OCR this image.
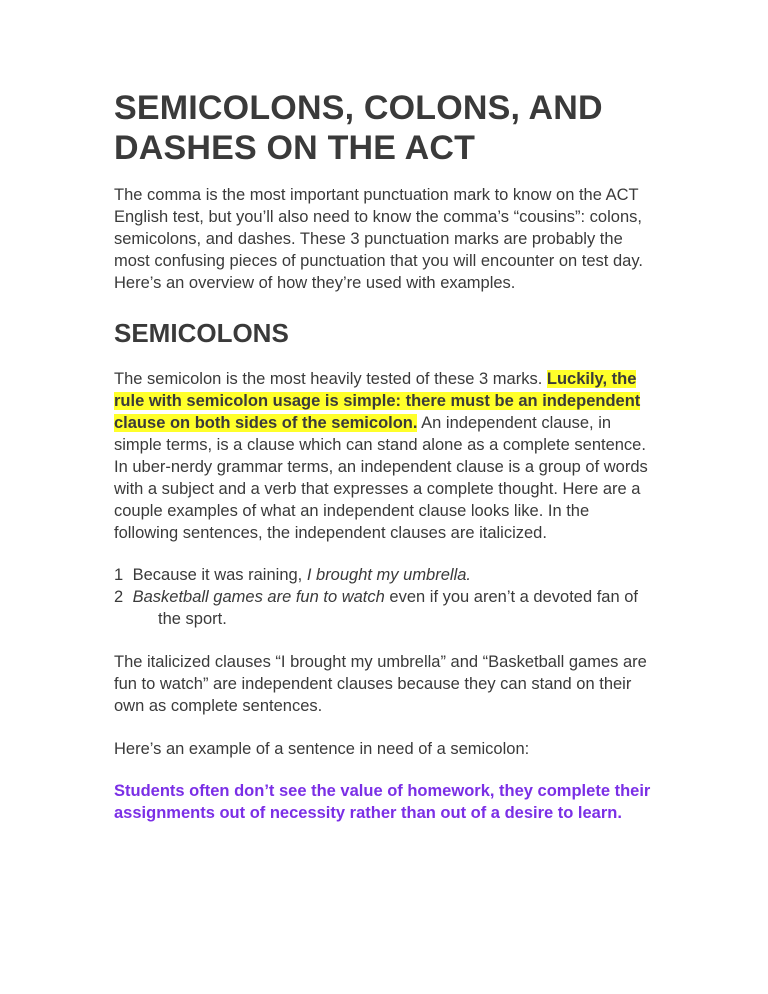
SEMICOLONS, COLONS, AND DASHES ON THE ACT

The comma is the most important punctuation mark to know on the ACT English test, but you’ll also need to know the comma’s “cousins”: colons, semicolons, and dashes. These 3 punctuation marks are probably the most confusing pieces of punctuation that you will encounter on test day. Here’s an overview of how they’re used with examples.

SEMICOLONS

The semicolon is the most heavily tested of these 3 marks. Luckily, the rule with semicolon usage is simple: there must be an independent clause on both sides of the semicolon. An independent clause, in simple terms, is a clause which can stand alone as a complete sentence. In uber-nerdy grammar terms, an independent clause is a group of words with a subject and a verb that expresses a complete thought. Here are a couple examples of what an independent clause looks like. In the following sentences, the independent clauses are italicized.

1 Because it was raining, I brought my umbrella.
2 Basketball games are fun to watch even if you aren’t a devoted fan of the sport.

The italicized clauses “I brought my umbrella” and “Basketball games are fun to watch” are independent clauses because they can stand on their own as complete sentences.

Here’s an example of a sentence in need of a semicolon:

Students often don’t see the value of homework, they complete their assignments out of necessity rather than out of a desire to learn.
